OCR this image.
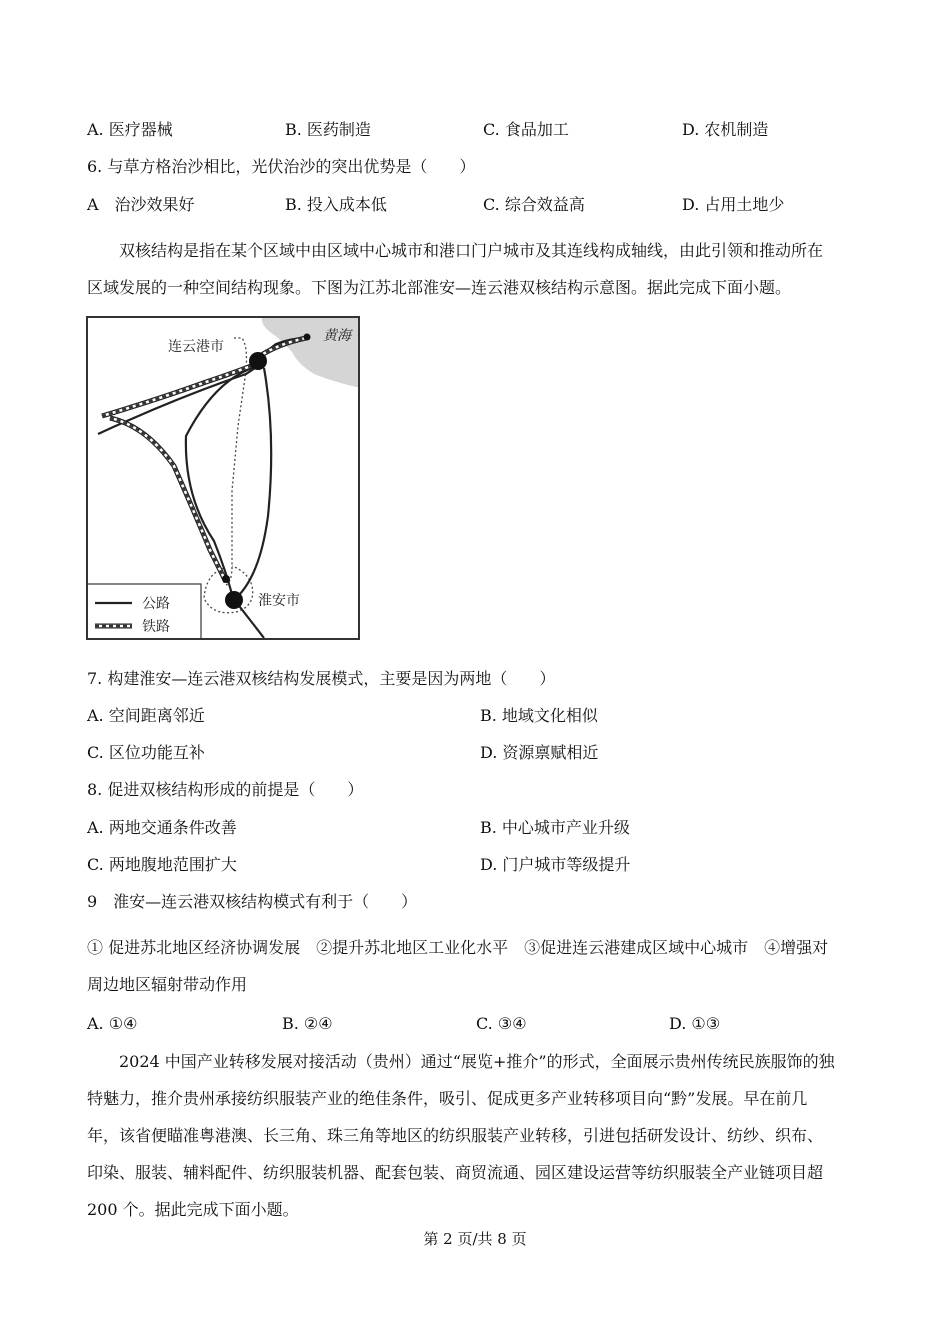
A. 医疗器械	B. 医药制造	C. 食品加工	D. 农机制造
6. 与草方格治沙相比，光伏治沙的突出优势是（　　）
A　治沙效果好	B. 投入成本低	C. 综合效益高	D. 占用土地少

双核结构是指在某个区域中由区域中心城市和港口门户城市及其连线构成轴线，由此引领和推动所在

区域发展的一种空间结构现象。下图为江苏北部淮安—连云港双核结构示意图。据此完成下面小题。

黄海
连云港市
淮安市
公路
铁路
7. 构建淮安—连云港双核结构发展模式，主要是因为两地（　　）
A. 空间距离邻近	B. 地域文化相似
C. 区位功能互补	D. 资源禀赋相近
8. 促进双核结构形成的前提是（　　）
A. 两地交通条件改善	B. 中心城市产业升级
C. 两地腹地范围扩大	D. 门户城市等级提升
9　淮安—连云港双核结构模式有利于（　　）

① 促进苏北地区经济协调发展　②提升苏北地区工业化水平　③促进连云港建成区域中心城市　④增强对

周边地区辐射带动作用

A. ①④	B. ②④	C. ③④	D. ①③

2024 中国产业转移发展对接活动（贵州）通过“展览+推介”的形式，全面展示贵州传统民族服饰的独

特魅力，推介贵州承接纺织服装产业的绝佳条件，吸引、促成更多产业转移项目向“黔”发展。早在前几

年，该省便瞄准粤港澳、长三角、珠三角等地区的纺织服装产业转移，引进包括研发设计、纺纱、织布、

印染、服装、辅料配件、纺织服装机器、配套包装、商贸流通、园区建设运营等纺织服装全产业链项目超

200 个。据此完成下面小题。

第 2 页/共 8 页
